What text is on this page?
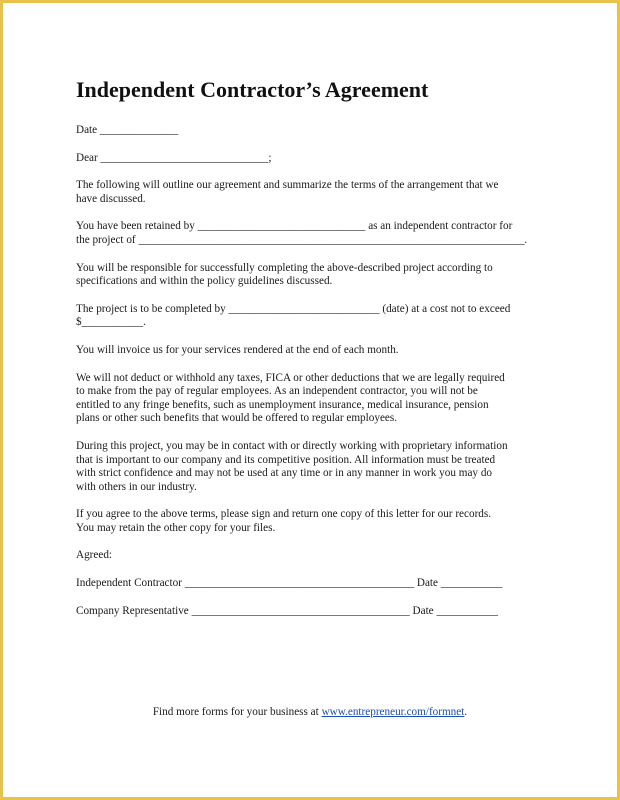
Independent Contractor’s Agreement

Date ______________

Dear ______________________________;

The following will outline our agreement and summarize the terms of the arrangement that we
have discussed.

You have been retained by ______________________________ as an independent contractor for

the project of _____________________________________________________________________.

You will be responsible for successfully completing the above-described project according to
specifications and within the policy guidelines discussed.

The project is to be completed by ___________________________ (date) at a cost not to exceed

$___________.

You will invoice us for your services rendered at the end of each month.

We will not deduct or withhold any taxes, FICA or other deductions that we are legally required
to make from the pay of regular employees. As an independent contractor, you will not be
entitled to any fringe benefits, such as unemployment insurance, medical insurance, pension
plans or other such benefits that would be offered to regular employees.

During this project, you may be in contact with or directly working with proprietary information
that is important to our company and its competitive position. All information must be treated
with strict confidence and may not be used at any time or in any manner in work you may do
with others in our industry.

If you agree to the above terms, please sign and return one copy of this letter for our records.
You may retain the other copy for your files.

Agreed:

Independent Contractor _________________________________________ Date ___________

Company Representative _______________________________________ Date ___________

Find more forms for your business at www.entrepreneur.com/formnet.
